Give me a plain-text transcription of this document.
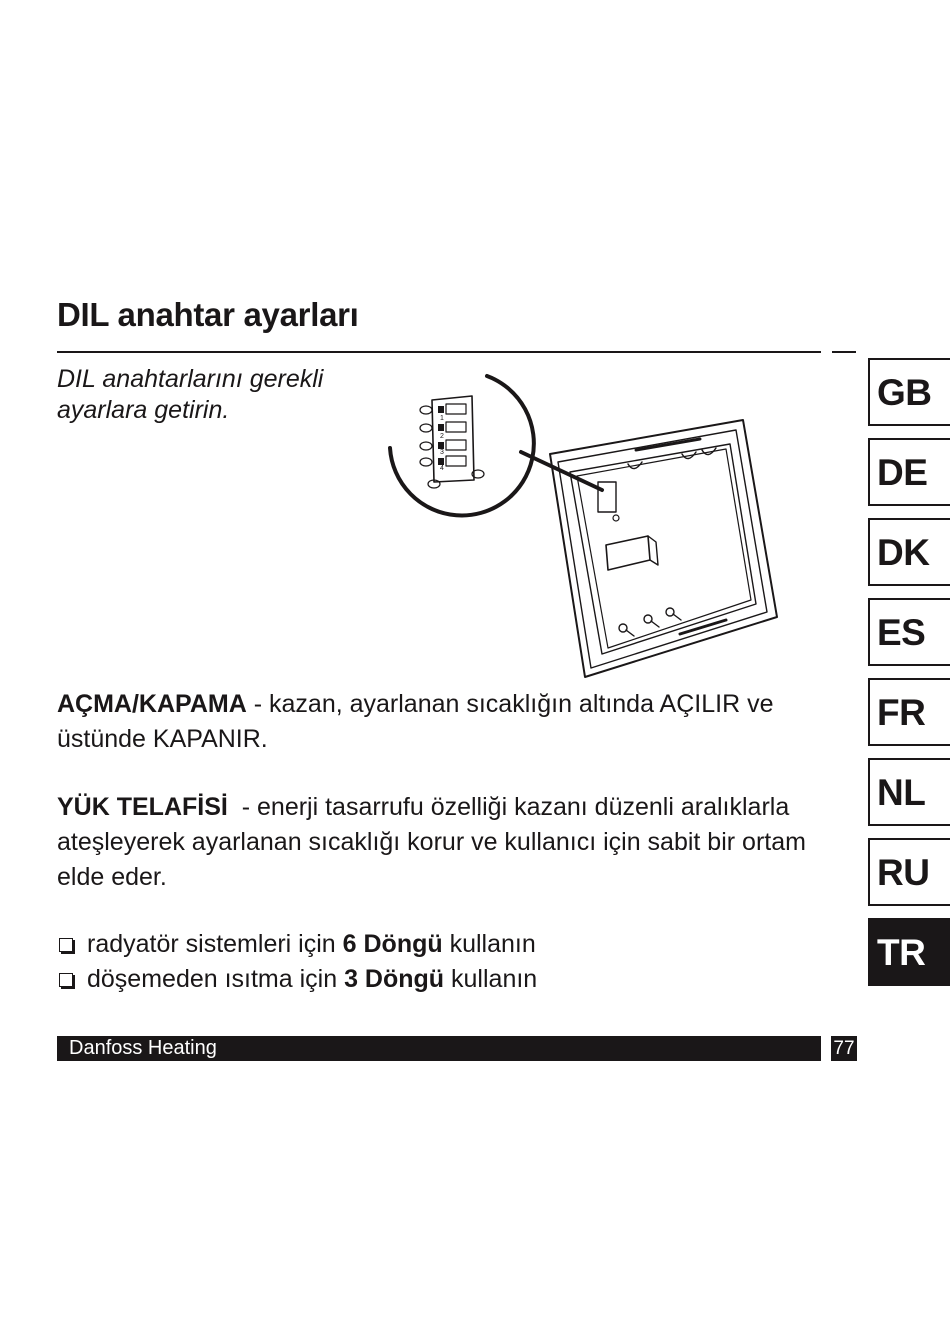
DIL anahtar ayarları
DIL anahtarlarını gerekli ayarlara getirin.	1
2
3
4
AÇMA/KAPAMA - kazan, ayarlanan sıcaklığın altında AÇILIR ve üstünde KAPANIR.
YÜK TELAFİSİ  - enerji tasarrufu özelliği kazanı düzenli aralıklarla ateşleyerek ayarlanan sıcaklığı korur ve kullanıcı için sabit bir ortam elde eder.
radyatör sistemleri için 6 Döngü kullanın
döşemeden ısıtma için 3 Döngü kullanın
Danfoss Heating	77
GB
DE
DK
ES
FR
NL
RU
TR
